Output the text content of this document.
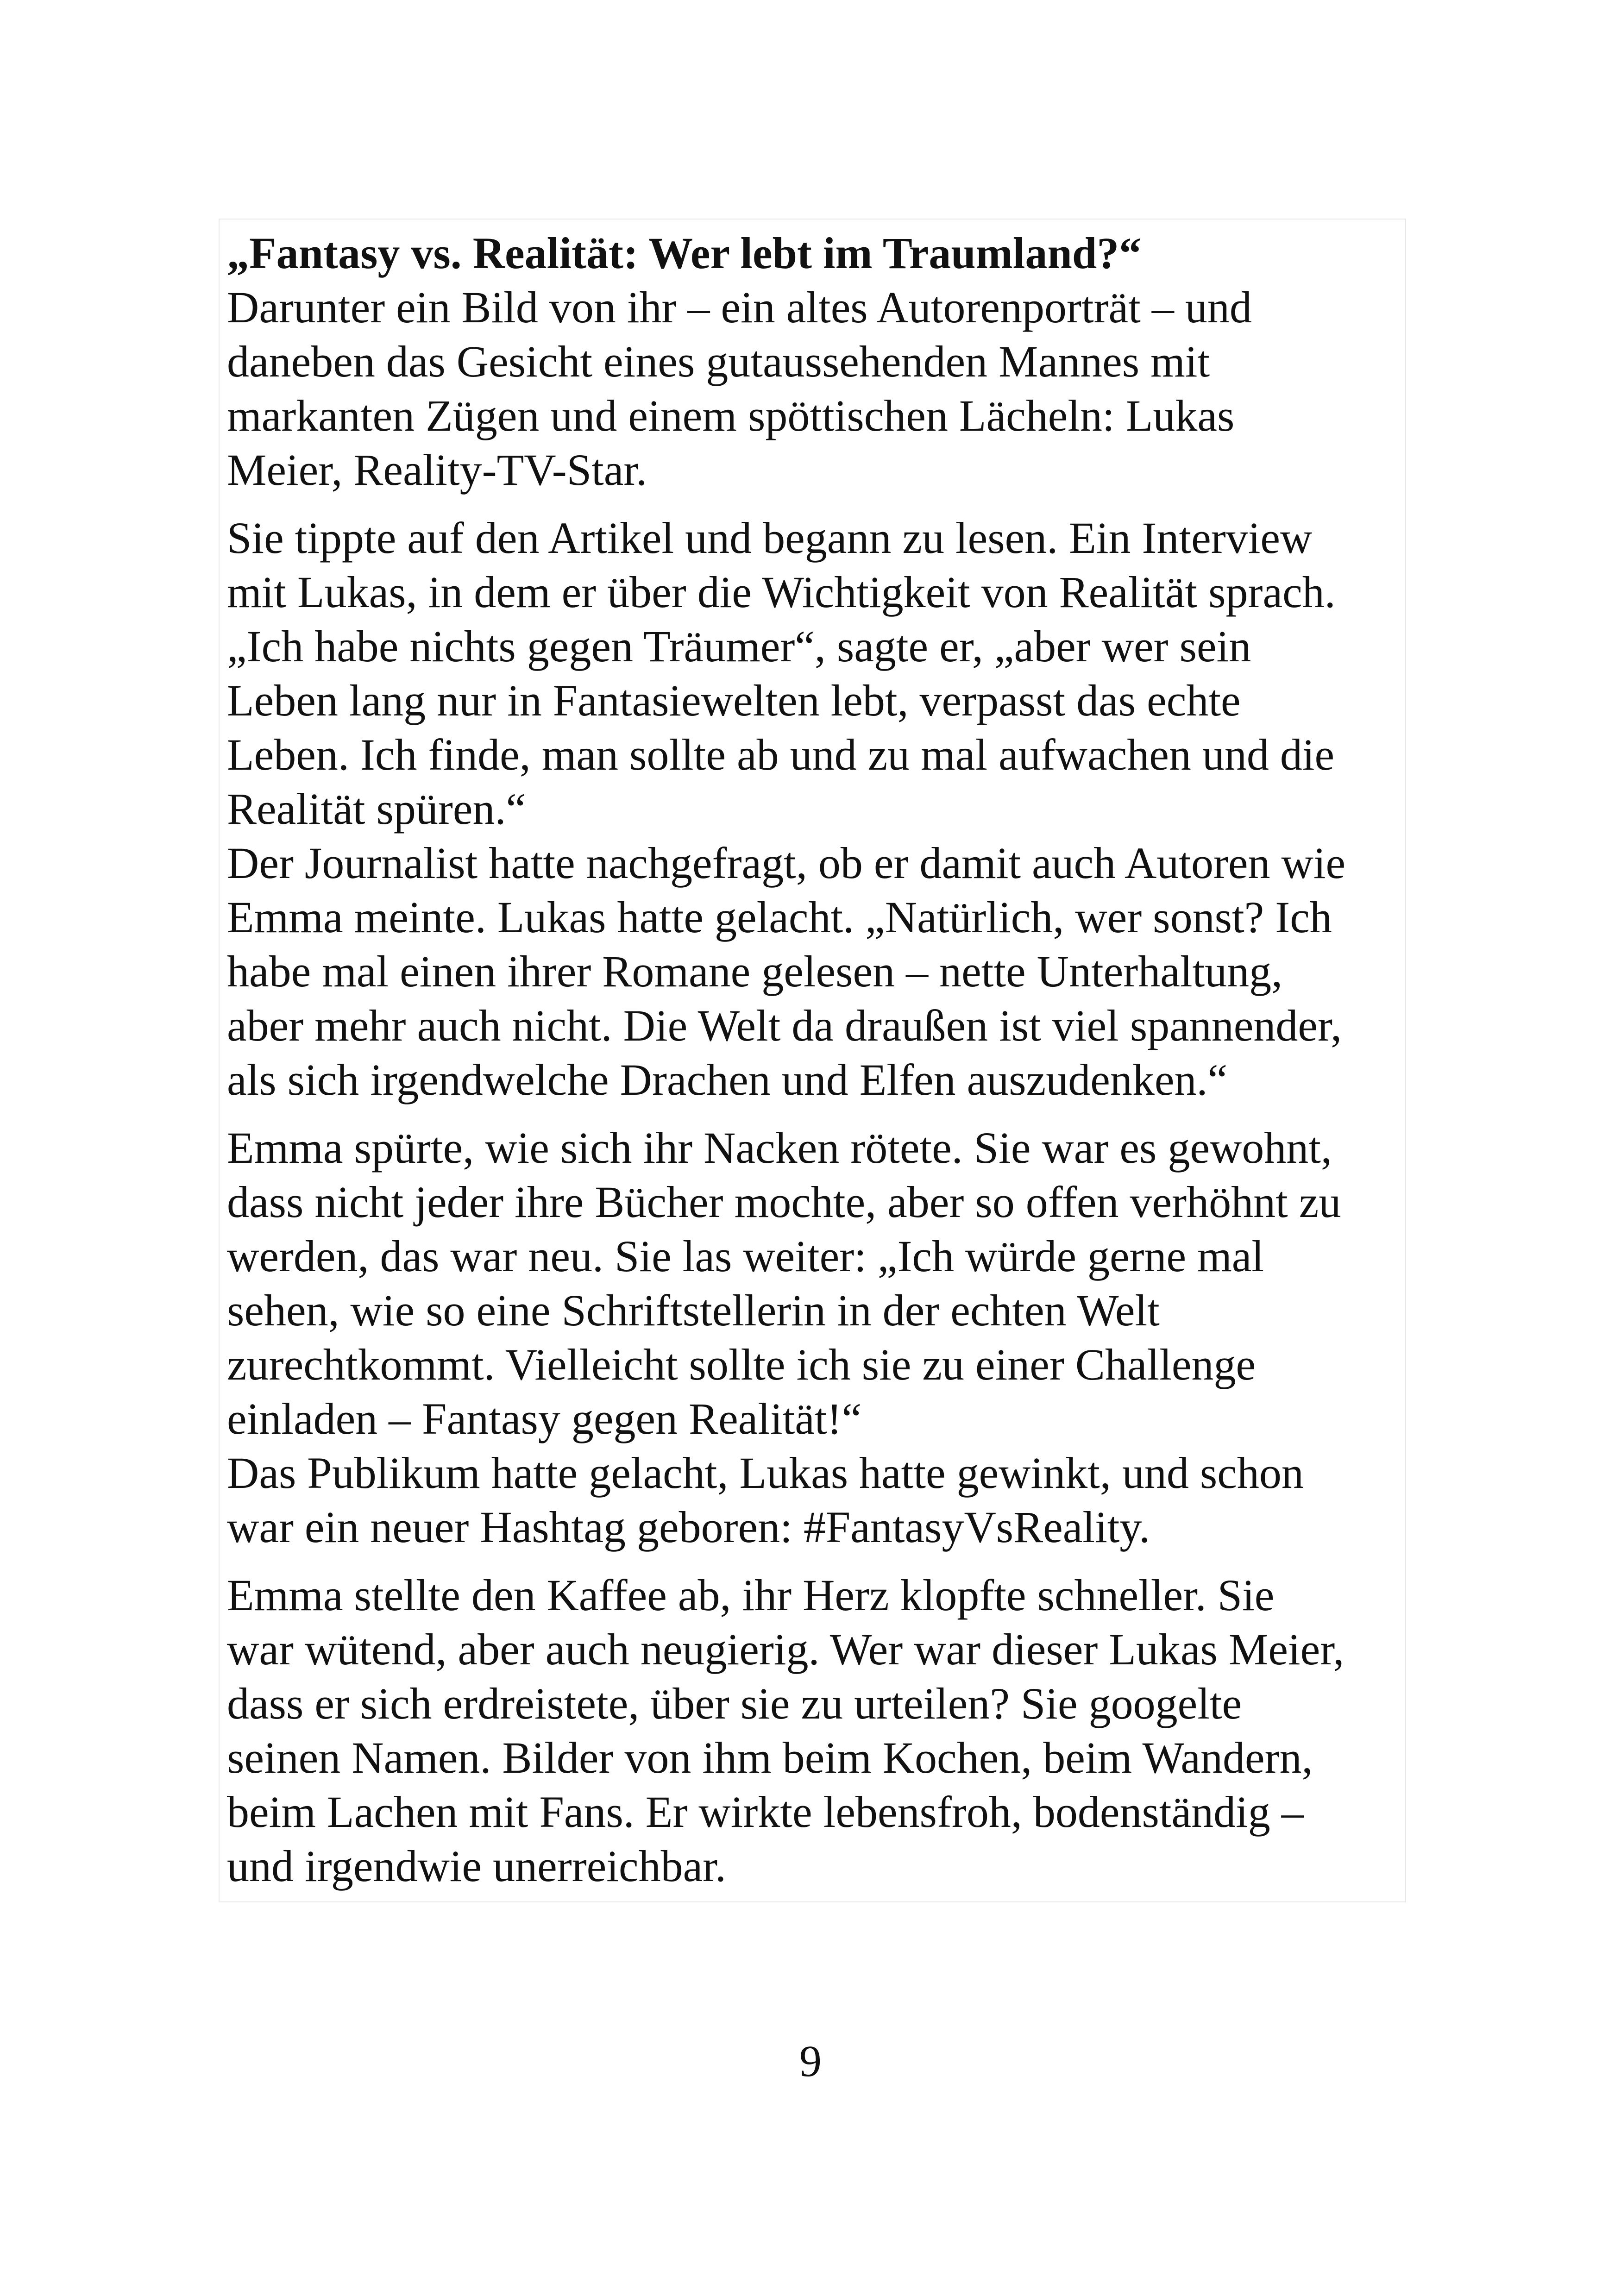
„Fantasy vs. Realität: Wer lebt im Traumland?“
Darunter ein Bild von ihr – ein altes Autorenporträt – und
daneben das Gesicht eines gutaussehenden Mannes mit
markanten Zügen und einem spöttischen Lächeln: Lukas
Meier, Reality-TV-Star.
Sie tippte auf den Artikel und begann zu lesen. Ein Interview
mit Lukas, in dem er über die Wichtigkeit von Realität sprach.
„Ich habe nichts gegen Träumer“, sagte er, „aber wer sein
Leben lang nur in Fantasiewelten lebt, verpasst das echte
Leben. Ich finde, man sollte ab und zu mal aufwachen und die
Realität spüren.“
Der Journalist hatte nachgefragt, ob er damit auch Autoren wie
Emma meinte. Lukas hatte gelacht. „Natürlich, wer sonst? Ich
habe mal einen ihrer Romane gelesen – nette Unterhaltung,
aber mehr auch nicht. Die Welt da draußen ist viel spannender,
als sich irgendwelche Drachen und Elfen auszudenken.“
Emma spürte, wie sich ihr Nacken rötete. Sie war es gewohnt,
dass nicht jeder ihre Bücher mochte, aber so offen verhöhnt zu
werden, das war neu. Sie las weiter: „Ich würde gerne mal
sehen, wie so eine Schriftstellerin in der echten Welt
zurechtkommt. Vielleicht sollte ich sie zu einer Challenge
einladen – Fantasy gegen Realität!“
Das Publikum hatte gelacht, Lukas hatte gewinkt, und schon
war ein neuer Hashtag geboren: #FantasyVsReality.
Emma stellte den Kaffee ab, ihr Herz klopfte schneller. Sie
war wütend, aber auch neugierig. Wer war dieser Lukas Meier,
dass er sich erdreistete, über sie zu urteilen? Sie googelte
seinen Namen. Bilder von ihm beim Kochen, beim Wandern,
beim Lachen mit Fans. Er wirkte lebensfroh, bodenständig –
und irgendwie unerreichbar.
9
